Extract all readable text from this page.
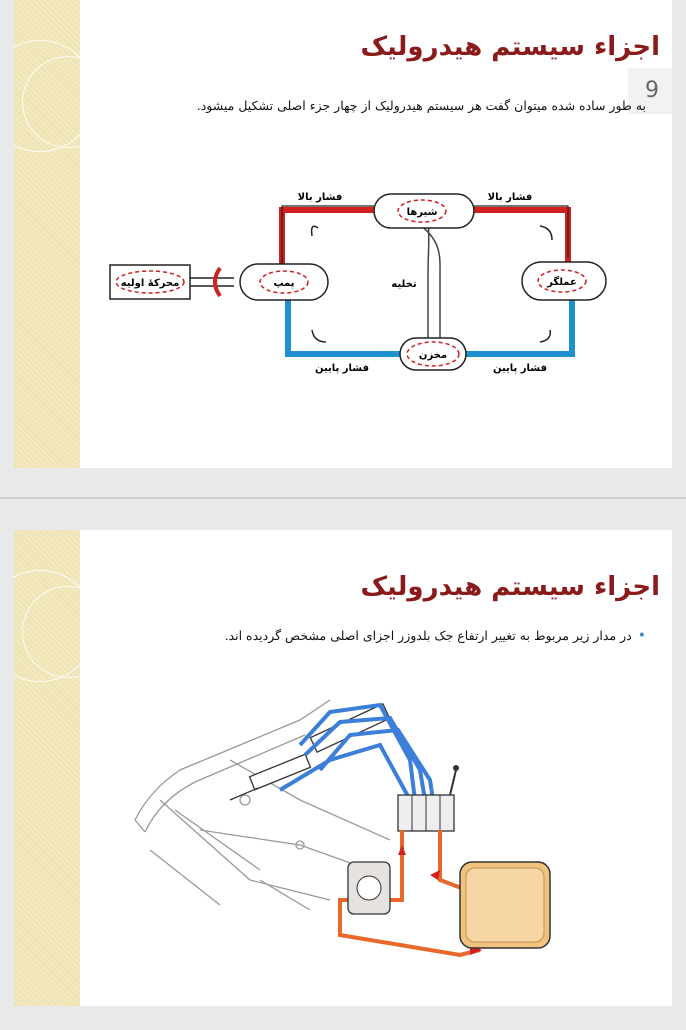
اجزاء سیستم هیدرولیک
9
به طور ساده شده میتوان گفت هر سیستم هیدرولیک از چهار جزء اصلی تشکیل میشود.
محرکهٔ اولیه	پمپ
شیرها
عملگر
مخزن
تخلیه
فشار بالا	فشار بالا
فشار پایین	فشار پایین
اجزاء سیستم هیدرولیک
•در مدار زیر مربوط به تغییر ارتفاع جک بلدوزر اجزای اصلی مشخص گردیده اند.
